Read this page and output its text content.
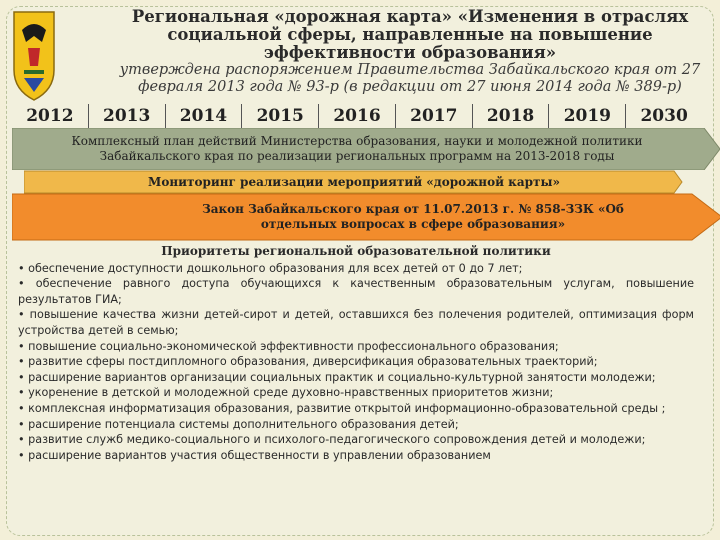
Региональная «дорожная карта» «Изменения в отраслях социальной сферы, направленные на повышение эффективности образования»
утверждена распоряжением Правительства Забайкальского края от 27 февраля 2013 года № 93-р (в редакции от 27 июня 2014 года № 389-р)
2012	2013	2014	2015	2016	2017	2018	2019	2030
Комплексный план действий Министерства образования, науки и молодежной политики Забайкальского края по реализации региональных программ на 2013-2018 годы
Мониторинг реализации мероприятий «дорожной карты»
Закон Забайкальского края от 11.07.2013 г. № 858-ЗЗК «Об отдельных вопросах в сфере образования»
Приоритеты региональной образовательной политики
• обеспечение доступности дошкольного образования для всех детей от 0 до 7 лет;
• обеспечение равного доступа обучающихся к качественным образовательным услугам, повышение результатов ГИА;
• повышение качества жизни детей-сирот и детей, оставшихся без полечения родителей, оптимизация форм устройства детей в семью;
• повышение социально-экономической эффективности профессионального образования;
• развитие сферы постдипломного образования, диверсификация образовательных траекторий;
• расширение вариантов организации социальных практик и социально-культурной занятости молодежи;
• укоренение в детской и молодежной среде духовно-нравственных приоритетов жизни;
• комплексная информатизация образования, развитие открытой информационно-образовательной среды ;
• расширение потенциала системы дополнительного образования детей;
• развитие служб медико-социального и психолого-педагогического сопровождения детей и молодежи;
• расширение вариантов участия общественности в управлении образованием
